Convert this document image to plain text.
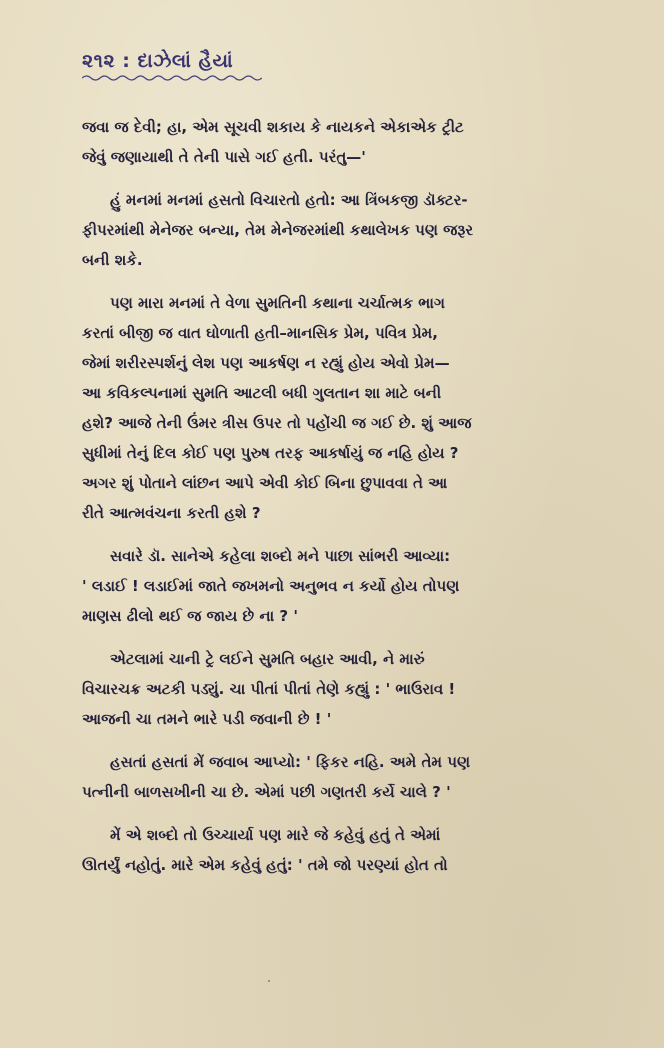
૨૧૨ : દાઝેલાં હૈયાં
જવા જ દેવી; હા, એમ સૂચવી શકાય કે નાયકને એકાએક ટ્રીટ
જેવું જણાયાથી તે તેની પાસે ગઈ હતી. પરંતુ—'
હું મનમાં મનમાં હસતો વિચારતો હતો: આ ત્રિંબકજી ડૉક્ટર-
ફીપરમાંથી મેનેજર બન્યા, તેમ મેનેજરમાંથી કથાલેખક પણ જરૂર
બની શકે.
પણ મારા મનમાં તે વેળા સુમતિની કથાના ચર્ચાત્મક ભાગ
કરતાં બીજી જ વાત ઘોળાતી હતી–માનસિક પ્રેમ, પવિત્ર પ્રેમ,
જેમાં શરીરસ્પર્શનું લેશ પણ આકર્ષણ ન રહ્યું હોય એવો પ્રેમ—
આ કવિકલ્પનામાં સુમતિ આટલી બધી ગુલતાન શા માટે બની
હશે? આજે તેની ઉંમર ત્રીસ ઉપર તો પહોંચી જ ગઈ છે. શું આજ
સુધીમાં તેનું દિલ કોઈ પણ પુરુષ તરફ આકર્ષાયું જ નહિ હોય ?
અગર શું પોતાને લાંછન આપે એવી કોઈ બિના છુપાવવા તે આ
રીતે આત્મવંચના કરતી હશે ?
સવારે ડૉ. સાનેએ કહેલા શબ્દો મને પાછા સાંભરી આવ્યા:
' લડાઈ ! લડાઈમાં જાતે જખમનો અનુભવ ન કર્યો હોય તોપણ
માણસ ઢીલો થઈ જ જાય છે ના ? '
એટલામાં ચાની ટ્રે લઈને સુમતિ બહાર આવી, ને મારું
વિચારચક્ર અટકી પડ્યું. ચા પીતાં પીતાં તેણે કહ્યું : ' ભાઉરાવ !
આજની ચા તમને ભારે પડી જવાની છે ! '
હસતાં હસતાં મેં જવાબ આપ્યો: ' ફિકર નહિ. અમે તેમ પણ
પત્નીની બાળસખીની ચા છે. એમાં પછી ગણતરી કર્યે ચાલે ? '
મેં એ શબ્દો તો ઉચ્ચાર્યા પણ મારે જે કહેવું હતું તે એમાં
ઊતર્યું નહોતું. મારે એમ કહેવું હતું: ' તમે જો પરણ્યાં હોત તો
